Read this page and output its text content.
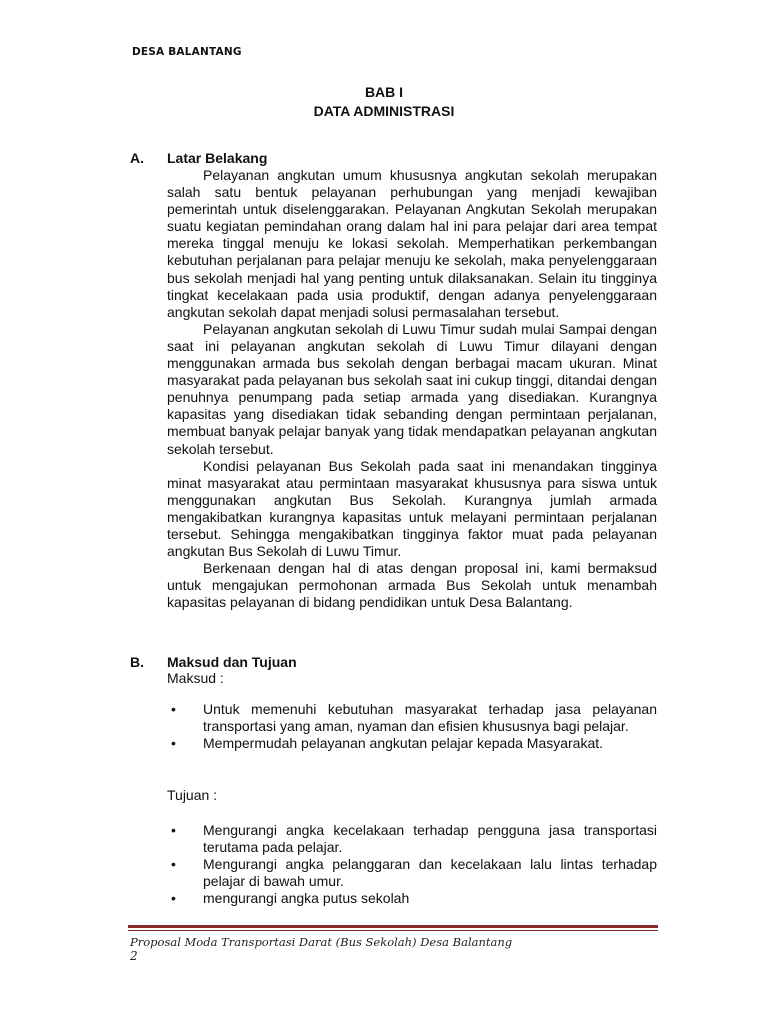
DESA BALANTANG
BAB I
DATA ADMINISTRASI
A. Latar Belakang

Pelayanan angkutan umum khususnya angkutan sekolah merupakan salah satu bentuk pelayanan perhubungan yang menjadi kewajiban pemerintah untuk diselenggarakan. Pelayanan Angkutan Sekolah merupakan suatu kegiatan pemindahan orang dalam hal ini para pelajar dari area tempat mereka tinggal menuju ke lokasi sekolah. Memperhatikan perkembangan kebutuhan perjalanan para pelajar menuju ke sekolah, maka penyelenggaraan bus sekolah menjadi hal yang penting untuk dilaksanakan. Selain itu tingginya tingkat kecelakaan pada usia produktif, dengan adanya penyelenggaraan angkutan sekolah dapat menjadi solusi permasalahan tersebut.

Pelayanan angkutan sekolah di Luwu Timur sudah mulai Sampai dengan saat ini pelayanan angkutan sekolah di Luwu Timur dilayani dengan menggunakan armada bus sekolah dengan berbagai macam ukuran. Minat masyarakat pada pelayanan bus sekolah saat ini cukup tinggi, ditandai dengan penuhnya penumpang pada setiap armada yang disediakan. Kurangnya kapasitas yang disediakan tidak sebanding dengan permintaan perjalanan, membuat banyak pelajar banyak yang tidak mendapatkan pelayanan angkutan sekolah tersebut.

Kondisi pelayanan Bus Sekolah pada saat ini menandakan tingginya minat masyarakat atau permintaan masyarakat khususnya para siswa untuk menggunakan angkutan Bus Sekolah. Kurangnya jumlah armada mengakibatkan kurangnya kapasitas untuk melayani permintaan perjalanan tersebut. Sehingga mengakibatkan tingginya faktor muat pada pelayanan angkutan Bus Sekolah di Luwu Timur.

Berkenaan dengan hal di atas dengan proposal ini, kami bermaksud untuk mengajukan permohonan armada Bus Sekolah untuk menambah kapasitas pelayanan di bidang pendidikan untuk Desa Balantang.

B. Maksud dan Tujuan
Maksud :
• Untuk memenuhi kebutuhan masyarakat terhadap jasa pelayanan transportasi yang aman, nyaman dan efisien khususnya bagi pelajar.
• Mempermudah pelayanan angkutan pelajar kepada Masyarakat.
Tujuan :
• Mengurangi angka kecelakaan terhadap pengguna jasa transportasi terutama pada pelajar.
• Mengurangi angka pelanggaran dan kecelakaan lalu lintas terhadap pelajar di bawah umur.
• mengurangi angka putus sekolah
Proposal Moda Transportasi Darat (Bus Sekolah) Desa Balantang
2
